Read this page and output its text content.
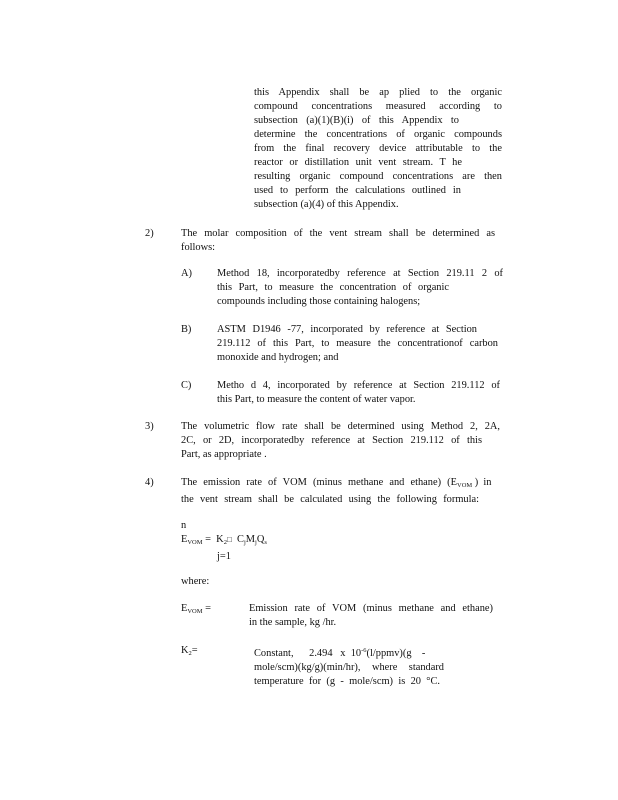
this Appendix shall be ap plied to the organic
compound concentrations measured according to
subsection (a)(1)(B)(i) of this Appendix to
determine the concentrations of organic compounds
from the final recovery device attributable to the
reactor or distillation unit vent stream. T he
resulting organic compound concentrations are then
used to perform the calculations outlined in
subsection (a)(4) of this Appendix.
2)	The molar composition of the vent stream shall be determined as
follows:
A) Method 18, incorporatedby reference at Section 219.11 2 of
this Part, to measure the concentration of organic
compounds including those containing halogens;
B) ASTM D1946 -77, incorporated by reference at Section
219.112 of this Part, to measure the concentrationof carbon
monoxide and hydrogen; and
C) Metho d 4, incorporated by reference at Section 219.112 of
this Part, to measure the content of water vapor.
3)	The volumetric flow rate shall be determined using Method 2, 2A,
2C, or 2D, incorporatedby reference at Section 219.112 of this
Part, as appropriate .
4)	The emission rate of VOM (minus methane and ethane) ($E_{VOM}$ )  in
the vent stream shall be calculated using the following formula:
n
$E_{VOM}$ =  $K_2□$  $C_jM_jQ_s$
j=1
where:
$E_{VOM}$ =	Emission rate of VOM (minus methane and ethane)
in the sample, kg /hr.
$K_2=$	Constant,      2.494   x  $10^{-6}(l/ppmv)(g$    -
mole/scm)(kg/g)(min/hr), where standard
temperature for (g - mole/scm) is 20 °C.
